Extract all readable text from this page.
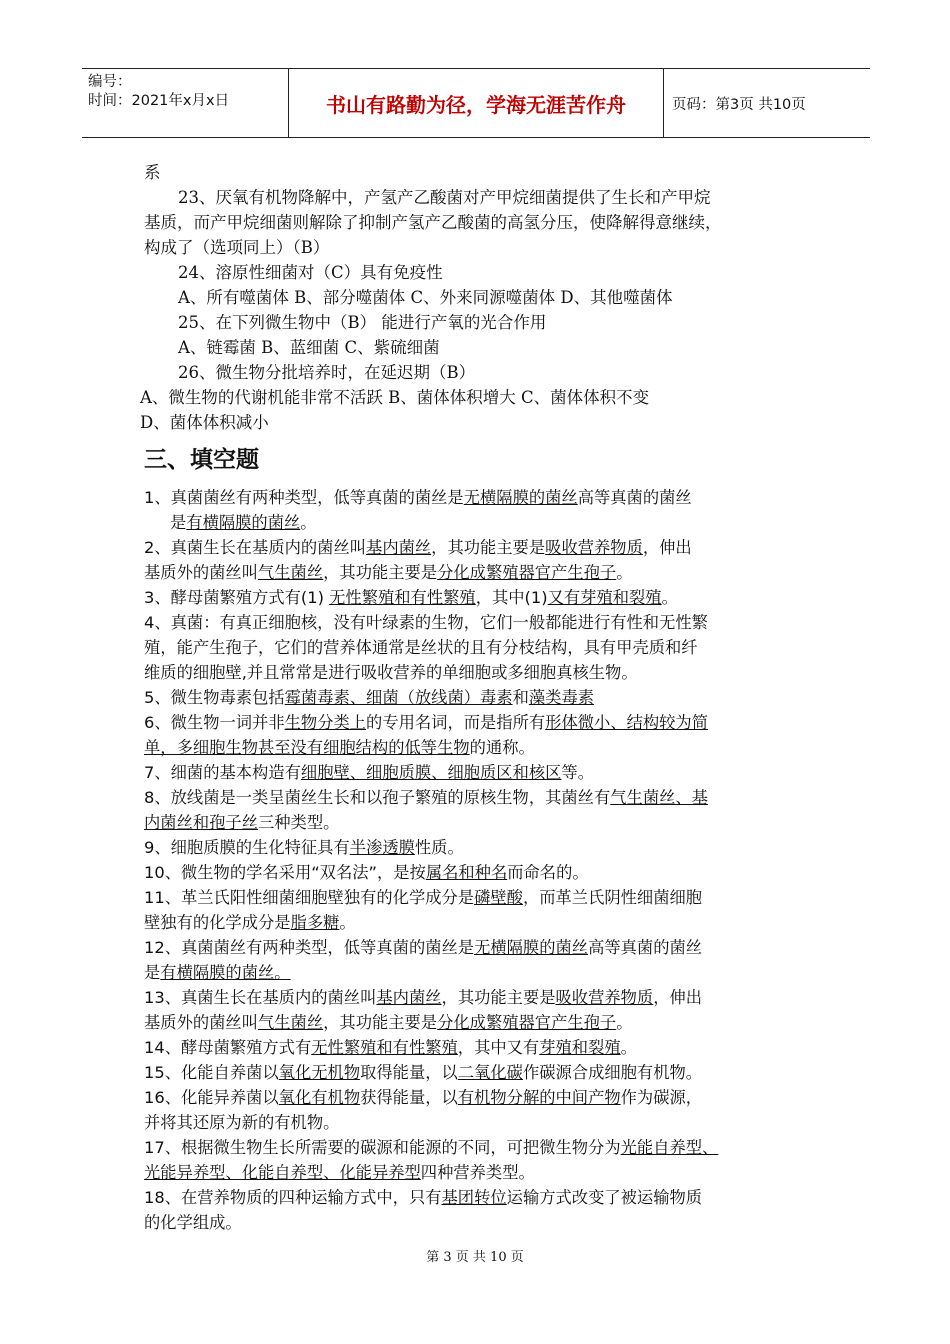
编号：
时间：2021年x月x日	书山有路勤为径，学海无涯苦作舟	页码：第3页 共10页
系
23、厌氧有机物降解中，产氢产乙酸菌对产甲烷细菌提供了生长和产甲烷
基质，而产甲烷细菌则解除了抑制产氢产乙酸菌的高氢分压，使降解得意继续，
构成了（选项同上）（B）
24、溶原性细菌对（C）具有免疫性
A、所有噬菌体 B、部分噬菌体 C、外来同源噬菌体 D、其他噬菌体
25、在下列微生物中（B） 能进行产氧的光合作用
A、链霉菌 B、蓝细菌 C、紫硫细菌
26、微生物分批培养时，在延迟期（B）
A、微生物的代谢机能非常不活跃 B、菌体体积增大 C、菌体体积不变
D、菌体体积减小
三、填空题
1、真菌菌丝有两种类型，低等真菌的菌丝是无横隔膜的菌丝高等真菌的菌丝
是有横隔膜的菌丝。
2、真菌生长在基质内的菌丝叫基内菌丝，其功能主要是吸收营养物质，伸出
基质外的菌丝叫气生菌丝，其功能主要是分化成繁殖器官产生孢子。
3、酵母菌繁殖方式有(1) 无性繁殖和有性繁殖，其中(1)又有芽殖和裂殖。
4、真菌：有真正细胞核，没有叶绿素的生物，它们一般都能进行有性和无性繁
殖，能产生孢子，它们的营养体通常是丝状的且有分枝结构，具有甲壳质和纤
维质的细胞壁,并且常常是进行吸收营养的单细胞或多细胞真核生物。
5、微生物毒素包括霉菌毒素、细菌（放线菌）毒素和藻类毒素
6、微生物一词并非生物分类上的专用名词，而是指所有形体微小、结构较为简
单，多细胞生物甚至没有细胞结构的低等生物的通称。
7、细菌的基本构造有细胞壁、细胞质膜、细胞质区和核区等。
8、放线菌是一类呈菌丝生长和以孢子繁殖的原核生物，其菌丝有气生菌丝、基
内菌丝和孢子丝三种类型。
9、细胞质膜的生化特征具有半渗透膜性质。
10、微生物的学名采用“双名法”，是按属名和种名而命名的。
11、革兰氏阳性细菌细胞壁独有的化学成分是磷壁酸，而革兰氏阴性细菌细胞
壁独有的化学成分是脂多糖。
12、真菌菌丝有两种类型，低等真菌的菌丝是无横隔膜的菌丝高等真菌的菌丝
是有横隔膜的菌丝。
13、真菌生长在基质内的菌丝叫基内菌丝，其功能主要是吸收营养物质，伸出
基质外的菌丝叫气生菌丝，其功能主要是分化成繁殖器官产生孢子。
14、酵母菌繁殖方式有无性繁殖和有性繁殖，其中又有芽殖和裂殖。
15、化能自养菌以氧化无机物取得能量，以二氧化碳作碳源合成细胞有机物。
16、化能异养菌以氧化有机物获得能量，以有机物分解的中间产物作为碳源，
并将其还原为新的有机物。
17、根据微生物生长所需要的碳源和能源的不同，可把微生物分为光能自养型、
光能异养型、化能自养型、化能异养型四种营养类型。
18、在营养物质的四种运输方式中，只有基团转位运输方式改变了被运输物质
的化学组成。
第 3 页 共 10 页
